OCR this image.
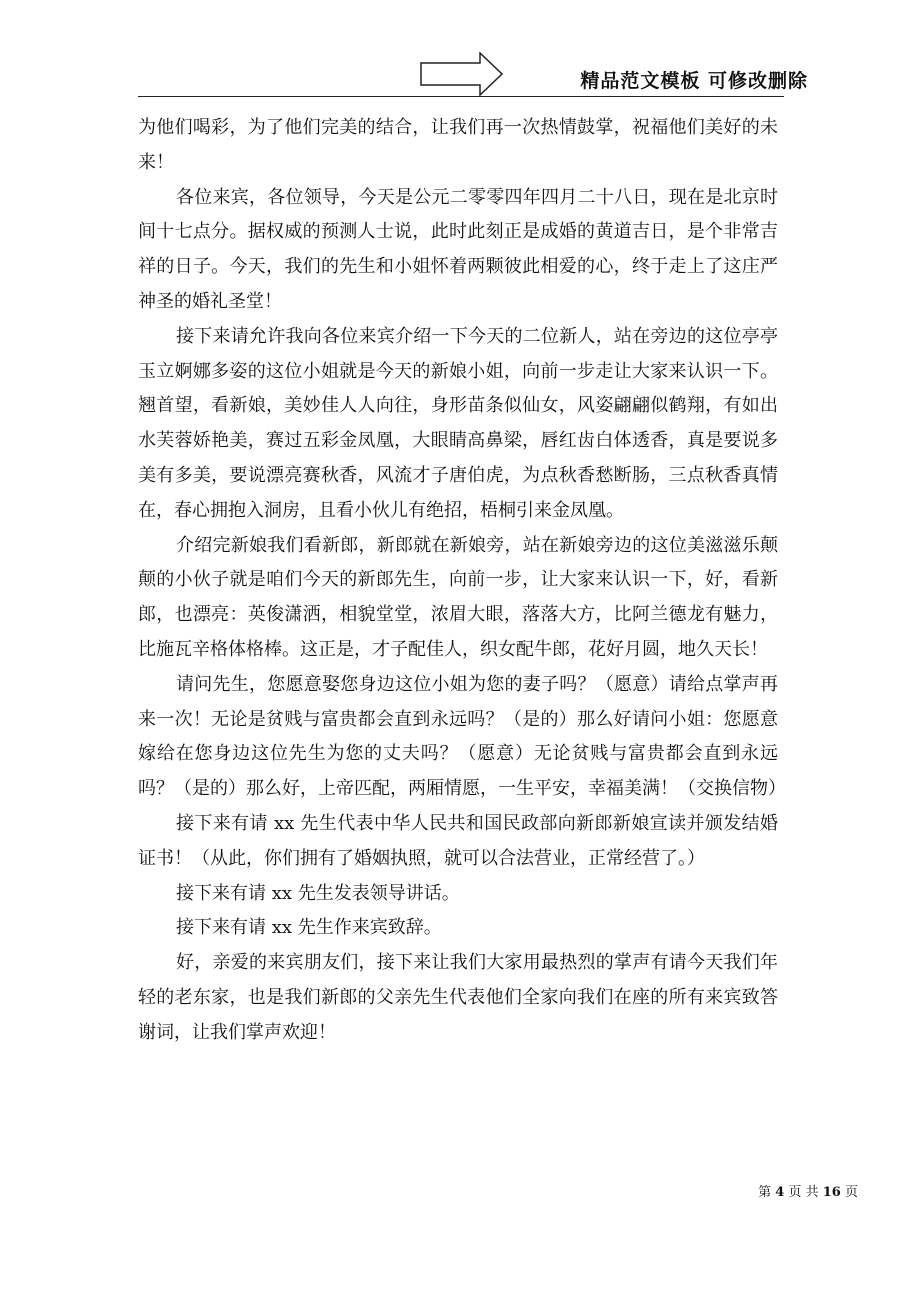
精品范文模板 可修改删除

为他们喝彩，为了他们完美的结合，让我们再一次热情鼓掌，祝福他们美好的未来！

各位来宾，各位领导，今天是公元二零零四年四月二十八日，现在是北京时间十七点分。据权威的预测人士说，此时此刻正是成婚的黄道吉日，是个非常吉祥的日子。今天，我们的先生和小姐怀着两颗彼此相爱的心，终于走上了这庄严神圣的婚礼圣堂！

接下来请允许我向各位来宾介绍一下今天的二位新人，站在旁边的这位亭亭玉立婀娜多姿的这位小姐就是今天的新娘小姐，向前一步走让大家来认识一下。翘首望，看新娘，美妙佳人人向往，身形苗条似仙女，风姿翩翩似鹤翔，有如出水芙蓉娇艳美，赛过五彩金凤凰，大眼睛高鼻梁，唇红齿白体透香，真是要说多美有多美，要说漂亮赛秋香，风流才子唐伯虎，为点秋香愁断肠，三点秋香真情在，春心拥抱入洞房，且看小伙儿有绝招，梧桐引来金凤凰。

介绍完新娘我们看新郎，新郎就在新娘旁，站在新娘旁边的这位美滋滋乐颠颠的小伙子就是咱们今天的新郎先生，向前一步，让大家来认识一下，好，看新郎，也漂亮：英俊潇洒，相貌堂堂，浓眉大眼，落落大方，比阿兰德龙有魅力，比施瓦辛格体格棒。这正是，才子配佳人，织女配牛郎，花好月圆，地久天长！

请问先生，您愿意娶您身边这位小姐为您的妻子吗？（愿意）请给点掌声再来一次！无论是贫贱与富贵都会直到永远吗？（是的）那么好请问小姐：您愿意嫁给在您身边这位先生为您的丈夫吗？（愿意）无论贫贱与富贵都会直到永远吗？（是的）那么好，上帝匹配，两厢情愿，一生平安，幸福美满！（交换信物）

接下来有请 xx 先生代表中华人民共和国民政部向新郎新娘宣读并颁发结婚证书！（从此，你们拥有了婚姻执照，就可以合法营业，正常经营了。）

接下来有请 xx 先生发表领导讲话。

接下来有请 xx 先生作来宾致辞。

好，亲爱的来宾朋友们，接下来让我们大家用最热烈的掌声有请今天我们年轻的老东家，也是我们新郎的父亲先生代表他们全家向我们在座的所有来宾致答谢词，让我们掌声欢迎！

第 4 页 共 16 页
